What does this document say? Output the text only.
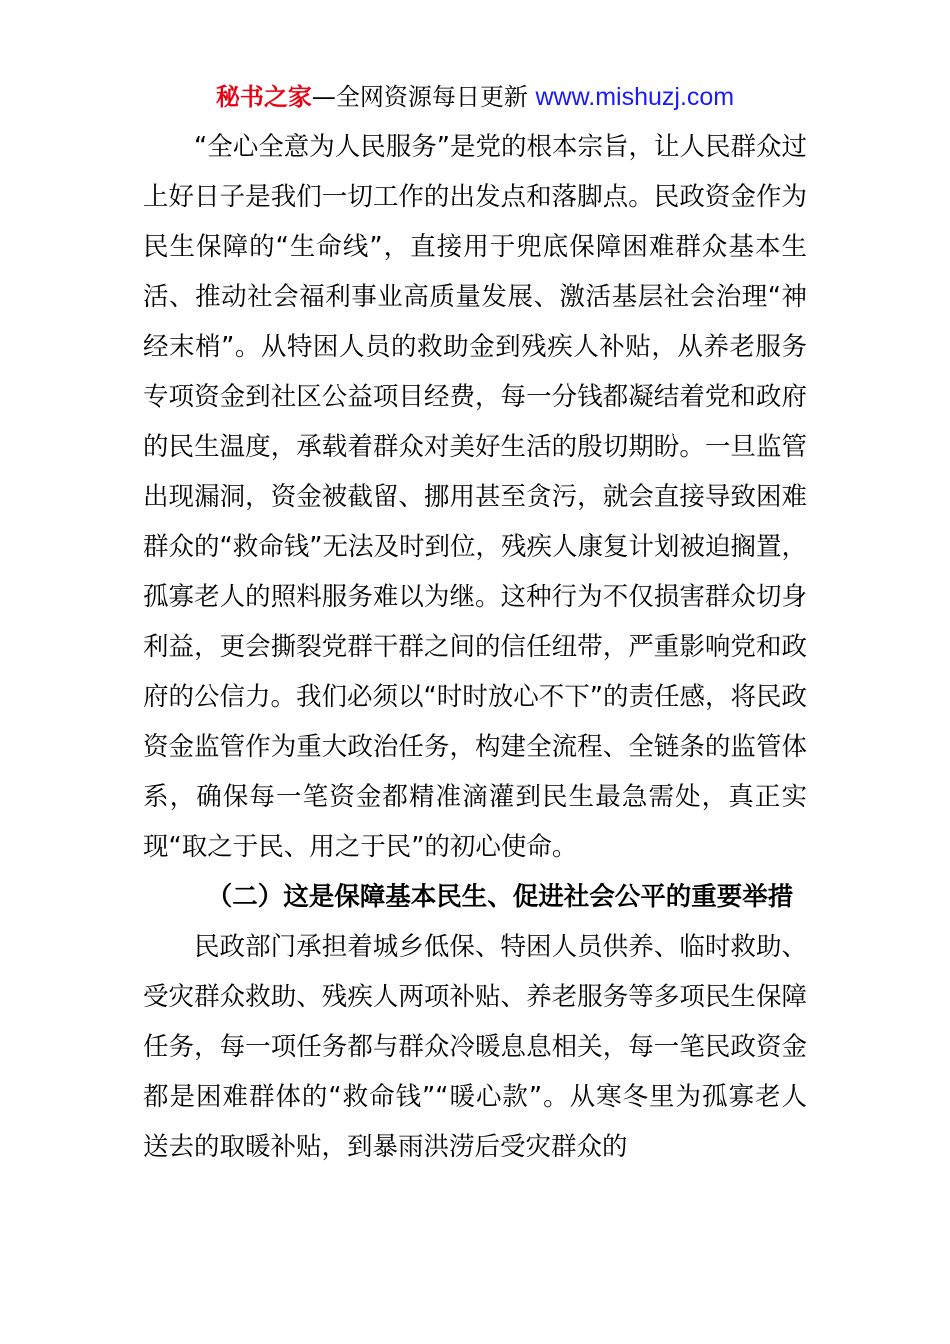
秘书之家—全网资源每日更新 www.mishuzj.com

“全心全意为人民服务”是党的根本宗旨，让人民群众过上好日子是我们一切工作的出发点和落脚点。民政资金作为民生保障的“生命线”，直接用于兜底保障困难群众基本生活、推动社会福利事业高质量发展、激活基层社会治理“神经末梢”。从特困人员的救助金到残疾人补贴，从养老服务专项资金到社区公益项目经费，每一分钱都凝结着党和政府的民生温度，承载着群众对美好生活的殷切期盼。一旦监管出现漏洞，资金被截留、挪用甚至贪污，就会直接导致困难群众的“救命钱”无法及时到位，残疾人康复计划被迫搁置，孤寡老人的照料服务难以为继。这种行为不仅损害群众切身利益，更会撕裂党群干群之间的信任纽带，严重影响党和政府的公信力。我们必须以“时时放心不下”的责任感，将民政资金监管作为重大政治任务，构建全流程、全链条的监管体系，确保每一笔资金都精准滴灌到民生最急需处，真正实现“取之于民、用之于民”的初心使命。

（二）这是保障基本民生、促进社会公平的重要举措

民政部门承担着城乡低保、特困人员供养、临时救助、受灾群众救助、残疾人两项补贴、养老服务等多项民生保障任务，每一项任务都与群众冷暖息息相关，每一笔民政资金都是困难群体的“救命钱”“暖心款”。从寒冬里为孤寡老人送去的取暖补贴，到暴雨洪涝后受灾群众的
